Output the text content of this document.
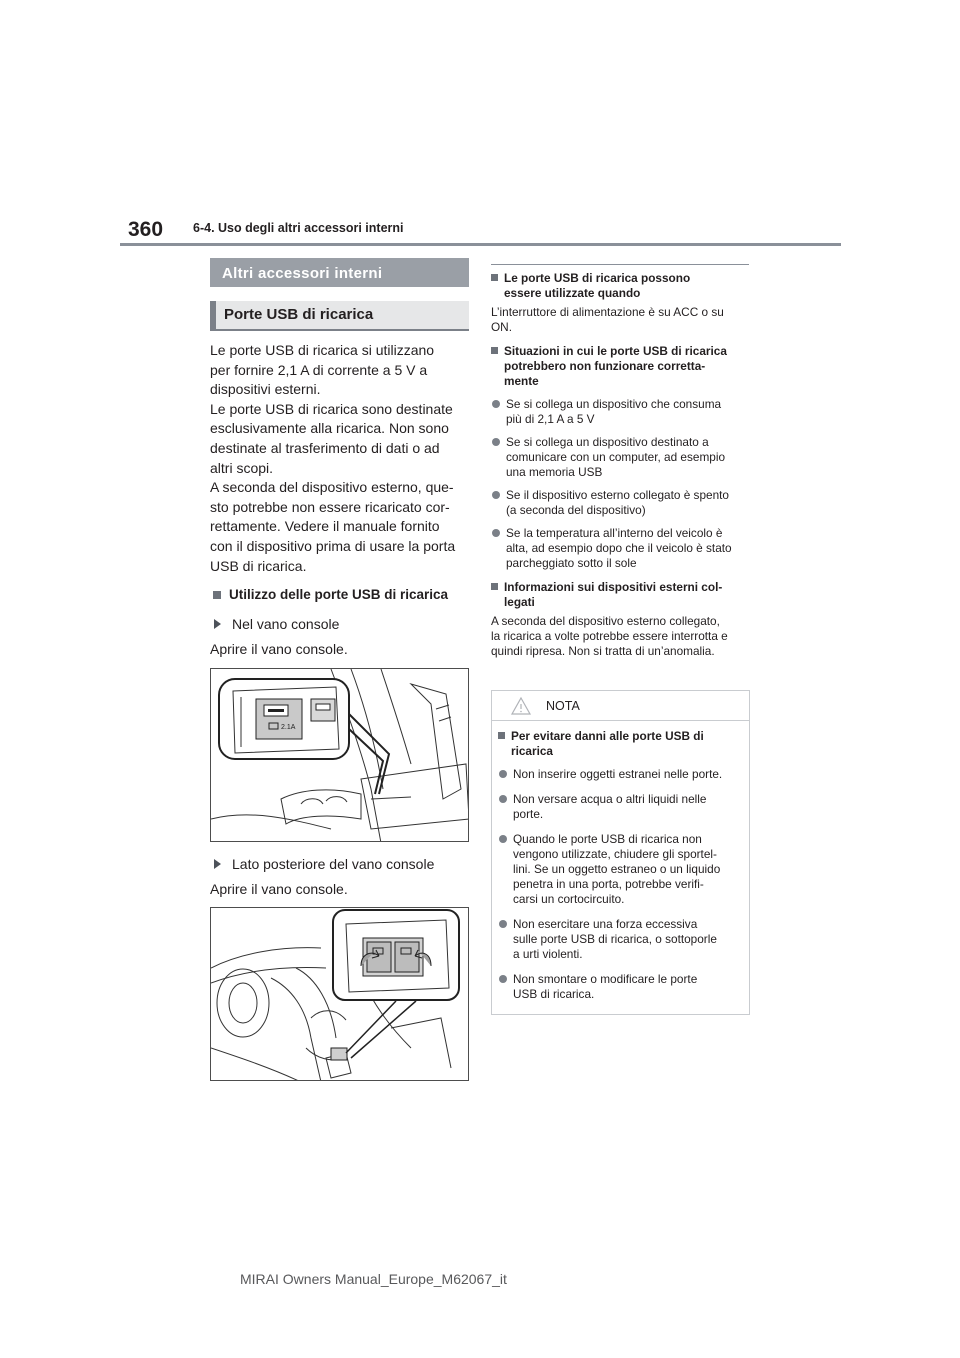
360 6-4. Uso degli altri accessori interni
Altri accessori interni
Porte USB di ricarica
Le porte USB di ricarica si utilizzano
per fornire 2,1 A di corrente a 5 V a
dispositivi esterni.
Le porte USB di ricarica sono destinate
esclusivamente alla ricarica. Non sono
destinate al trasferimento di dati o ad
altri scopi.
A seconda del dispositivo esterno, que-
sto potrebbe non essere ricaricato cor-
rettamente. Vedere il manuale fornito
con il dispositivo prima di usare la porta
USB di ricarica.
Utilizzo delle porte USB di ricarica
Nel vano console
Aprire il vano console.
2.1A
Lato posteriore del vano console
Aprire il vano console.
Le porte USB di ricarica possono
essere utilizzate quando
L’interruttore di alimentazione è su ACC o su
ON.
Situazioni in cui le porte USB di ricarica
potrebbero non funzionare corretta-
mente
Se si collega un dispositivo che consuma
più di 2,1 A a 5 V
Se si collega un dispositivo destinato a
comunicare con un computer, ad esempio
una memoria USB
Se il dispositivo esterno collegato è spento
(a seconda del dispositivo)
Se la temperatura all’interno del veicolo è
alta, ad esempio dopo che il veicolo è stato
parcheggiato sotto il sole
Informazioni sui dispositivi esterni col-
legati
A seconda del dispositivo esterno collegato,
la ricarica a volte potrebbe essere interrotta e
quindi ripresa. Non si tratta di un’anomalia.
NOTA
Per evitare danni alle porte USB di
ricarica
Non inserire oggetti estranei nelle porte.
Non versare acqua o altri liquidi nelle
porte.
Quando le porte USB di ricarica non
vengono utilizzate, chiudere gli sportel-
lini. Se un oggetto estraneo o un liquido
penetra in una porta, potrebbe verifi-
carsi un cortocircuito.
Non esercitare una forza eccessiva
sulle porte USB di ricarica, o sottoporle
a urti violenti.
Non smontare o modificare le porte
USB di ricarica.
MIRAI Owners Manual_Europe_M62067_it
